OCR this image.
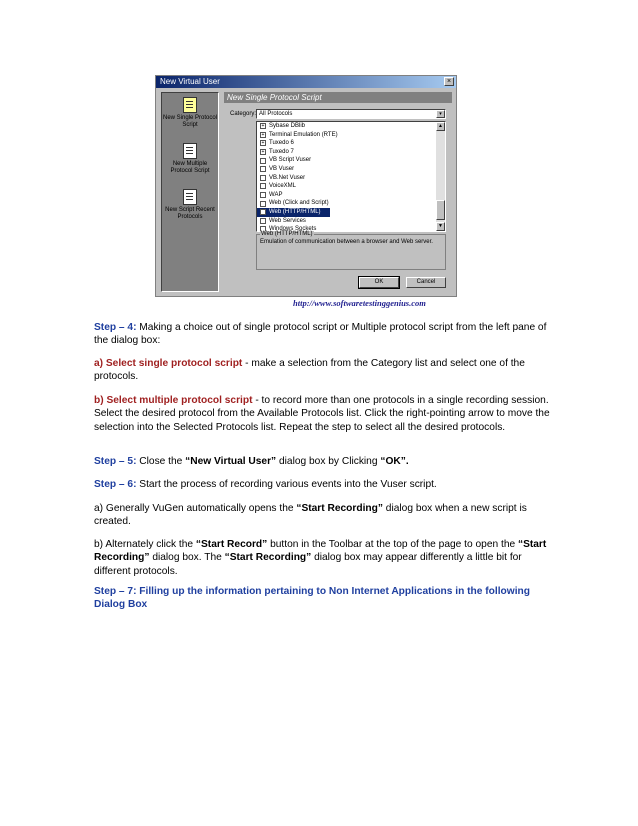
New Virtual User	×
New Single Protocol Script
New Multiple Protocol Script
New Script Recent Protocols
New Single Protocol Script
Category: All Protocols	▾
+ Sybase DBlib
+ Terminal Emulation (RTE)
+ Tuxedo 6
+ Tuxedo 7
VB Script Vuser
VB Vuser
VB.Net Vuser
VoiceXML
WAP
Web (Click and Script)
Web (HTTP/HTML)
Web Services
Windows Sockets
▲
▼
Web (HTTP/HTML)
Emulation of communication between a browser and Web server.
OK	Cancel
http://www.softwaretestinggenius.com
Step – 4: Making a choice out of single protocol script or Multiple protocol script from the left pane of the dialog box:
a) Select single protocol script - make a selection from the Category list and select one of the protocols.
b) Select multiple protocol script - to record more than one protocols in a single recording session. Select the desired protocol from the Available Protocols list. Click the right-pointing arrow to move the selection into the Selected Protocols list. Repeat the step to select all the desired protocols.
Step – 5: Close the “New Virtual User” dialog box by Clicking “OK”.
Step – 6: Start the process of recording various events into the Vuser script.
a) Generally VuGen automatically opens the “Start Recording” dialog box when a new script is created.
b) Alternately click the “Start Record” button in the Toolbar at the top of the page to open the “Start Recording” dialog box. The “Start Recording” dialog box may appear differently a little bit for different protocols.
Step – 7: Filling up the information pertaining to Non Internet Applications in the following Dialog Box
